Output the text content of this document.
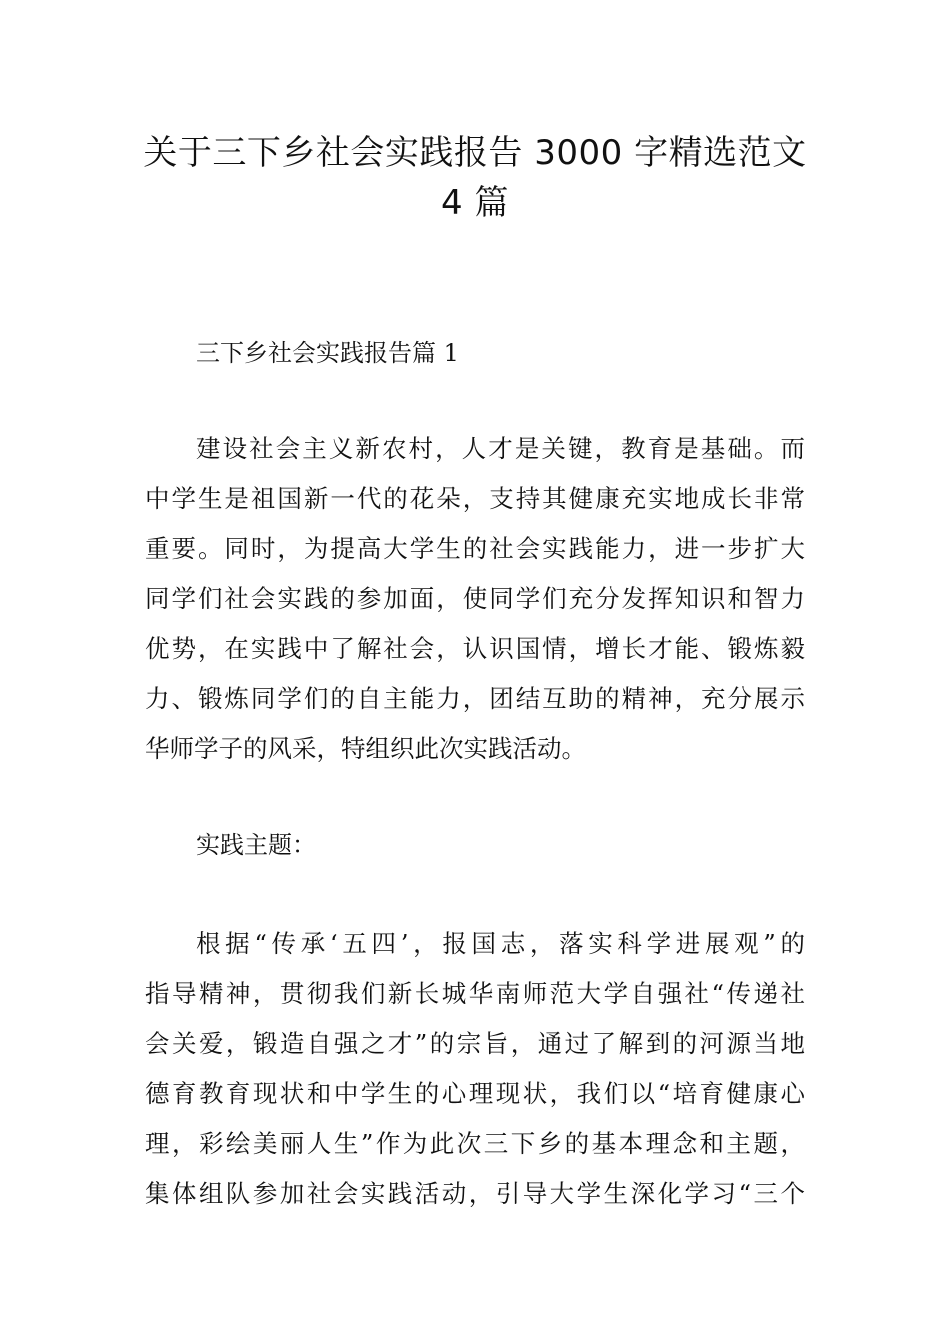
关于三下乡社会实践报告 3000 字精选范文
4 篇
三下乡社会实践报告篇 1
建设社会主义新农村，人才是关键，教育是基础。而
中学生是祖国新一代的花朵，支持其健康充实地成长非常
重要。同时，为提高大学生的社会实践能力，进一步扩大
同学们社会实践的参加面，使同学们充分发挥知识和智力
优势，在实践中了解社会，认识国情，增长才能、锻炼毅
力、锻炼同学们的自主能力，团结互助的精神，充分展示
华师学子的风采，特组织此次实践活动。
实践主题：
根据“传承‘五四’，报国志，落实科学进展观”的
指导精神，贯彻我们新长城华南师范大学自强社“传递社
会关爱，锻造自强之才”的宗旨，通过了解到的河源当地
德育教育现状和中学生的心理现状，我们以“培育健康心
理，彩绘美丽人生”作为此次三下乡的基本理念和主题，
集体组队参加社会实践活动，引导大学生深化学习“三个
